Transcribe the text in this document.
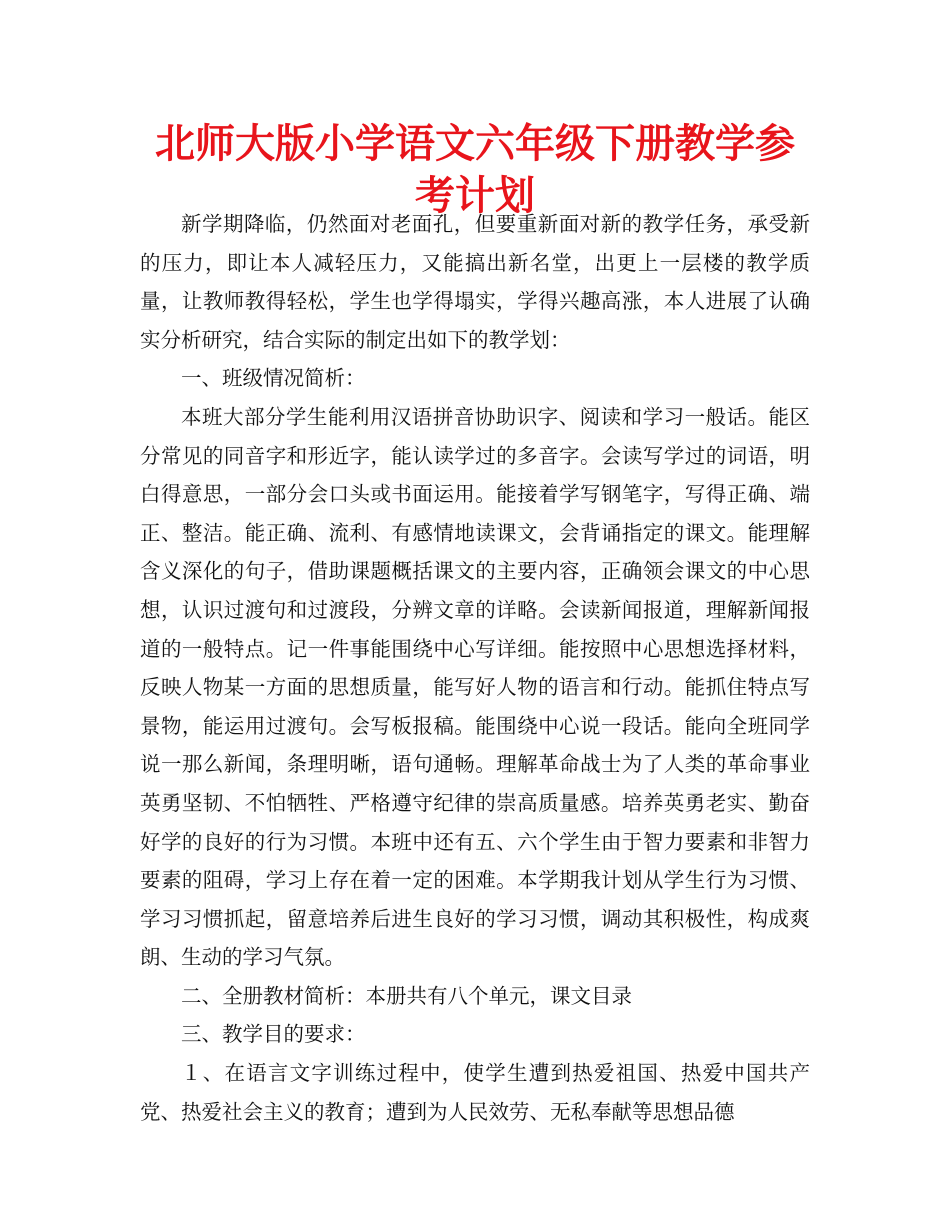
北师大版小学语文六年级下册教学参考计划

新学期降临，仍然面对老面孔，但要重新面对新的教学任务，承受新的压力，即让本人减轻压力，又能搞出新名堂，出更上一层楼的教学质量，让教师教得轻松，学生也学得塌实，学得兴趣高涨，本人进展了认确实分析研究，结合实际的制定出如下的教学划：

一、班级情况简析：

本班大部分学生能利用汉语拼音协助识字、阅读和学习一般话。能区分常见的同音字和形近字，能认读学过的多音字。会读写学过的词语，明白得意思，一部分会口头或书面运用。能接着学写钢笔字，写得正确、端正、整洁。能正确、流利、有感情地读课文，会背诵指定的课文。能理解含义深化的句子，借助课题概括课文的主要内容，正确领会课文的中心思想，认识过渡句和过渡段，分辨文章的详略。会读新闻报道，理解新闻报道的一般特点。记一件事能围绕中心写详细。能按照中心思想选择材料，反映人物某一方面的思想质量，能写好人物的语言和行动。能抓住特点写景物，能运用过渡句。会写板报稿。能围绕中心说一段话。能向全班同学说一那么新闻，条理明晰，语句通畅。理解革命战士为了人类的革命事业英勇坚韧、不怕牺牲、严格遵守纪律的崇高质量感。培养英勇老实、勤奋好学的良好的行为习惯。本班中还有五、六个学生由于智力要素和非智力要素的阻碍，学习上存在着一定的困难。本学期我计划从学生行为习惯、学习习惯抓起，留意培养后进生良好的学习习惯，调动其积极性，构成爽朗、生动的学习气氛。

二、全册教材简析：本册共有八个单元，课文目录

三、教学目的要求：

１、在语言文字训练过程中，使学生遭到热爱祖国、热爱中国共产党、热爱社会主义的教育；遭到为人民效劳、无私奉献等思想品德
